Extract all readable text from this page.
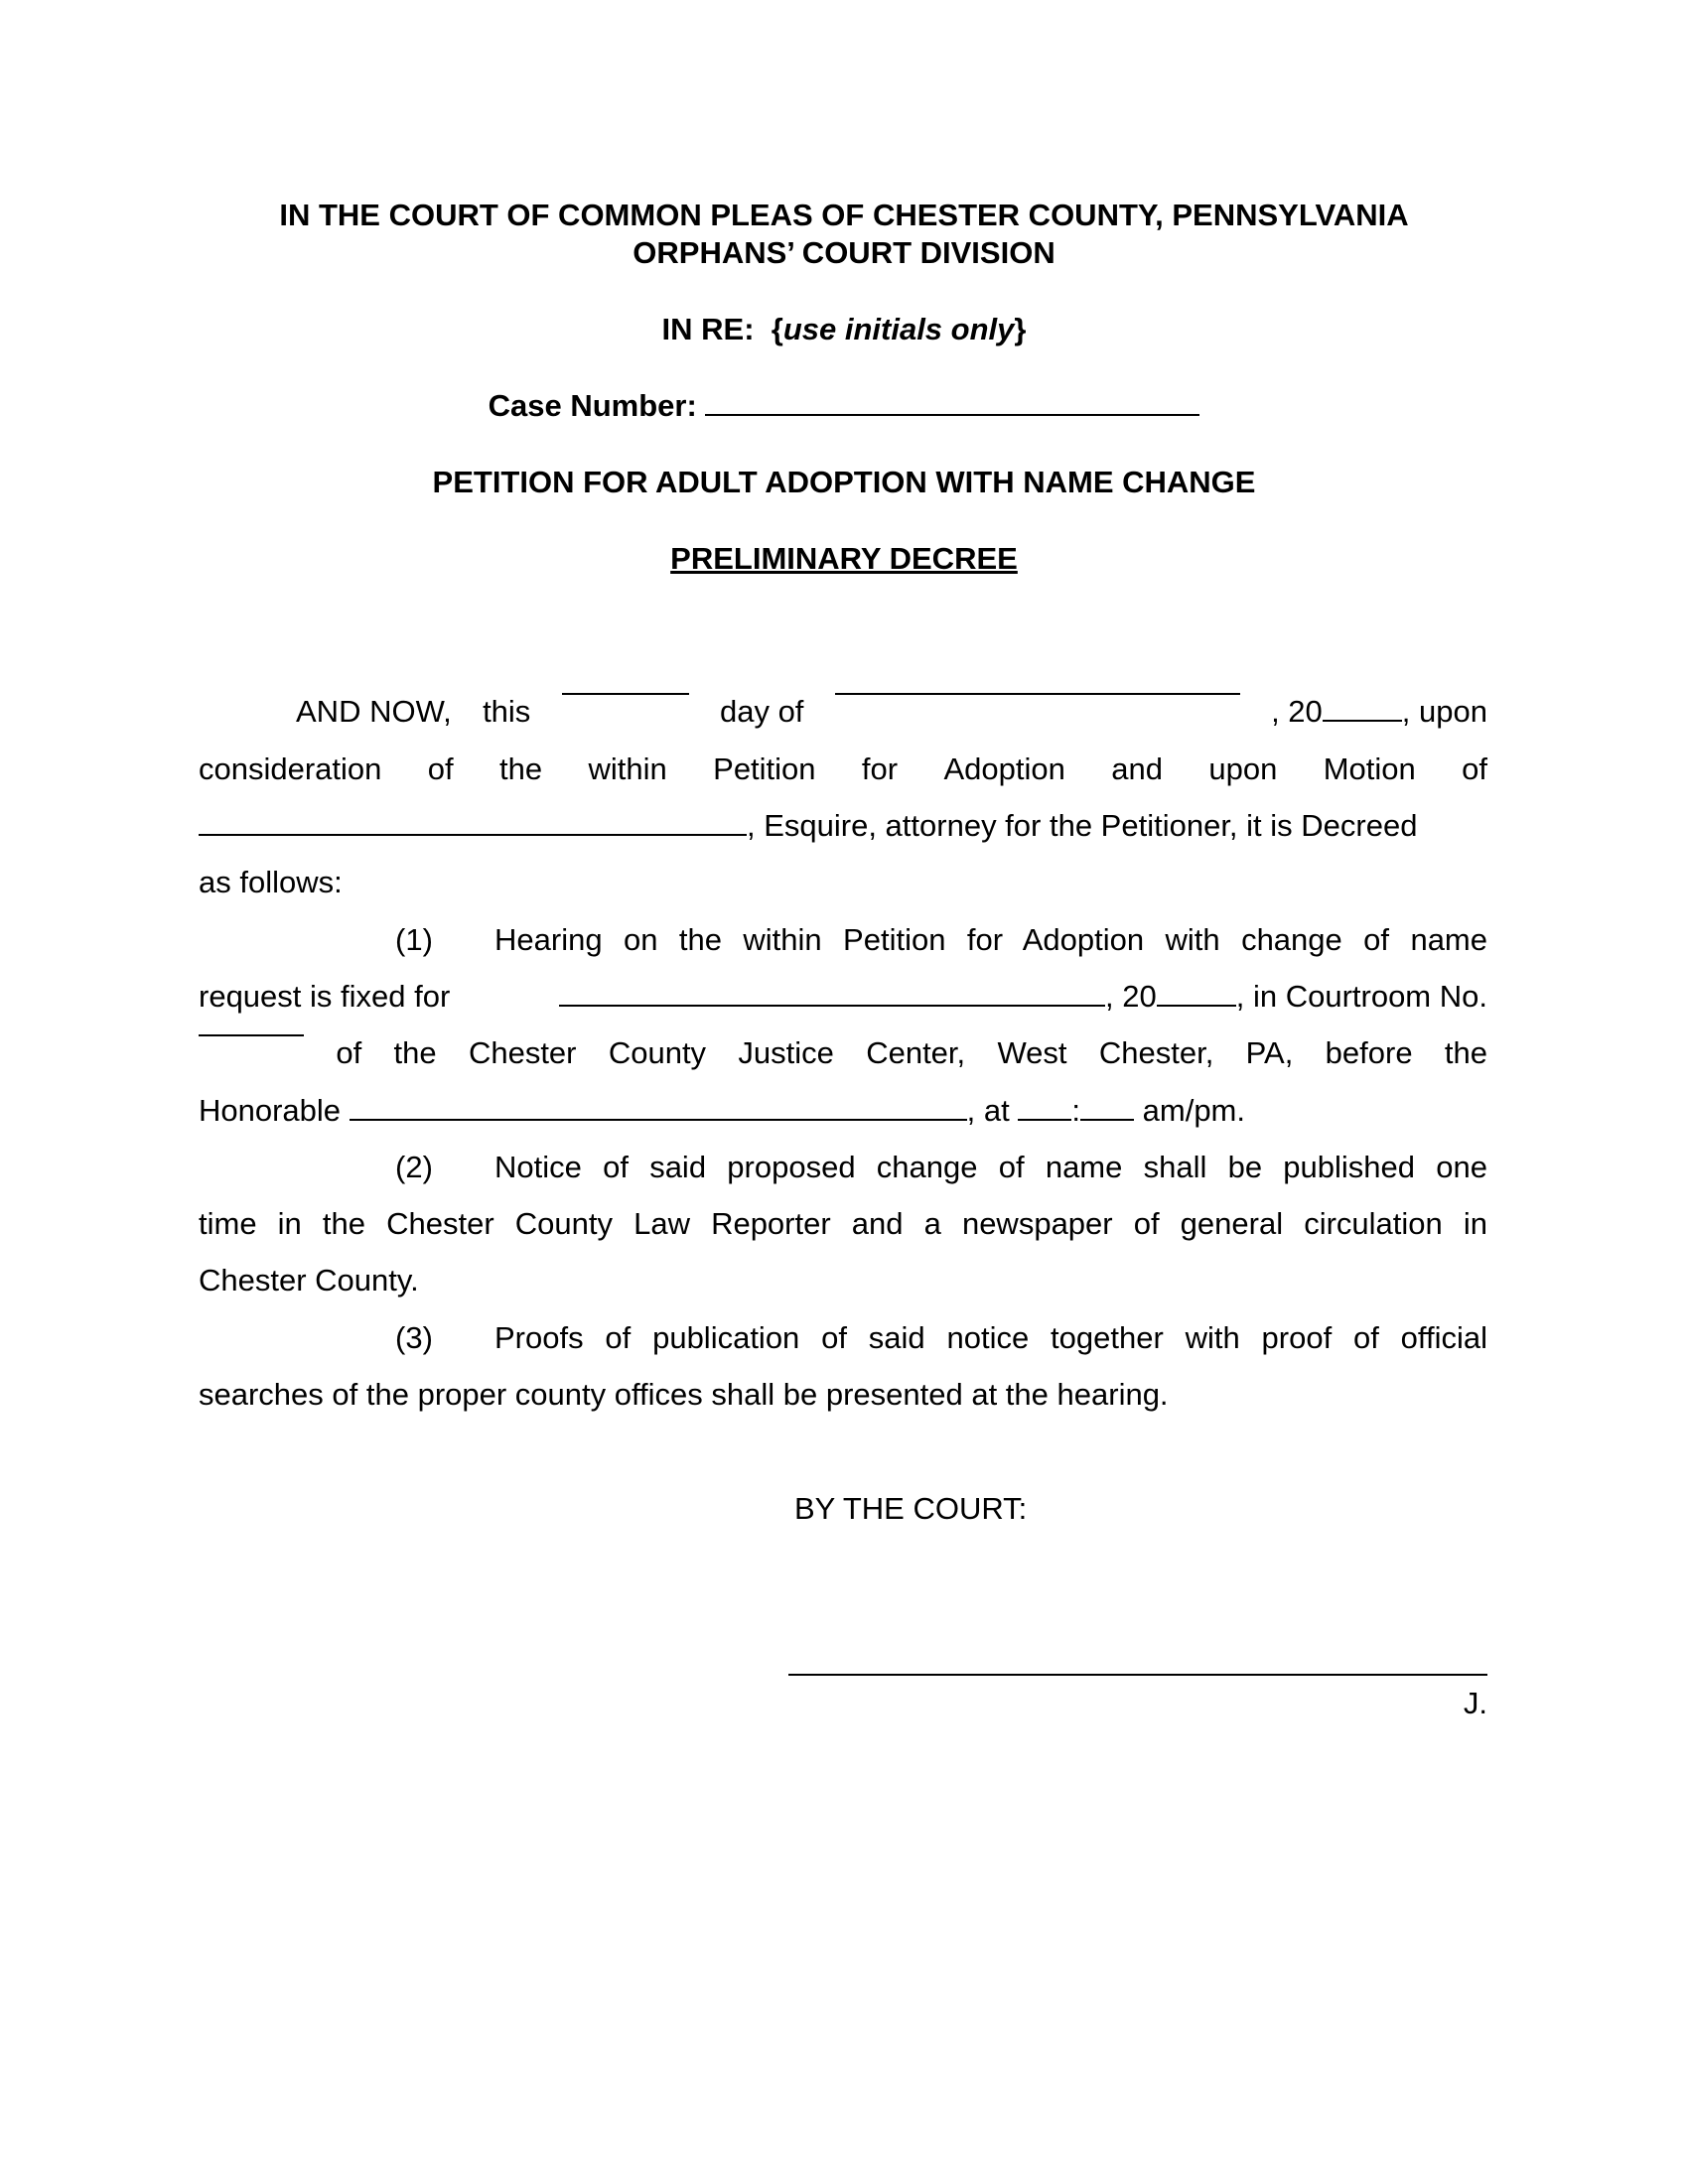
IN THE COURT OF COMMON PLEAS OF CHESTER COUNTY, PENNSYLVANIA
ORPHANS’ COURT DIVISION
IN RE: {use initials only}
Case Number:
PETITION FOR ADULT ADOPTION WITH NAME CHANGE
PRELIMINARY DECREE
AND NOW, this	day of	, 20	, upon
consideration of the within Petition for Adoption and upon Motion of
, Esquire, attorney for the Petitioner, it is Decreed
as follows:
(1) Hearing on the within Petition for Adoption with change of name
request is fixed for	, 20	, in Courtroom No.
of the Chester County Justice Center, West Chester, PA, before the
Honorable	, at : am/pm.
(2) Notice of said proposed change of name shall be published one
time in the Chester County Law Reporter and a newspaper of general circulation in
Chester County.
(3) Proofs of publication of said notice together with proof of official
searches of the proper county offices shall be presented at the hearing.
BY THE COURT:
J.
